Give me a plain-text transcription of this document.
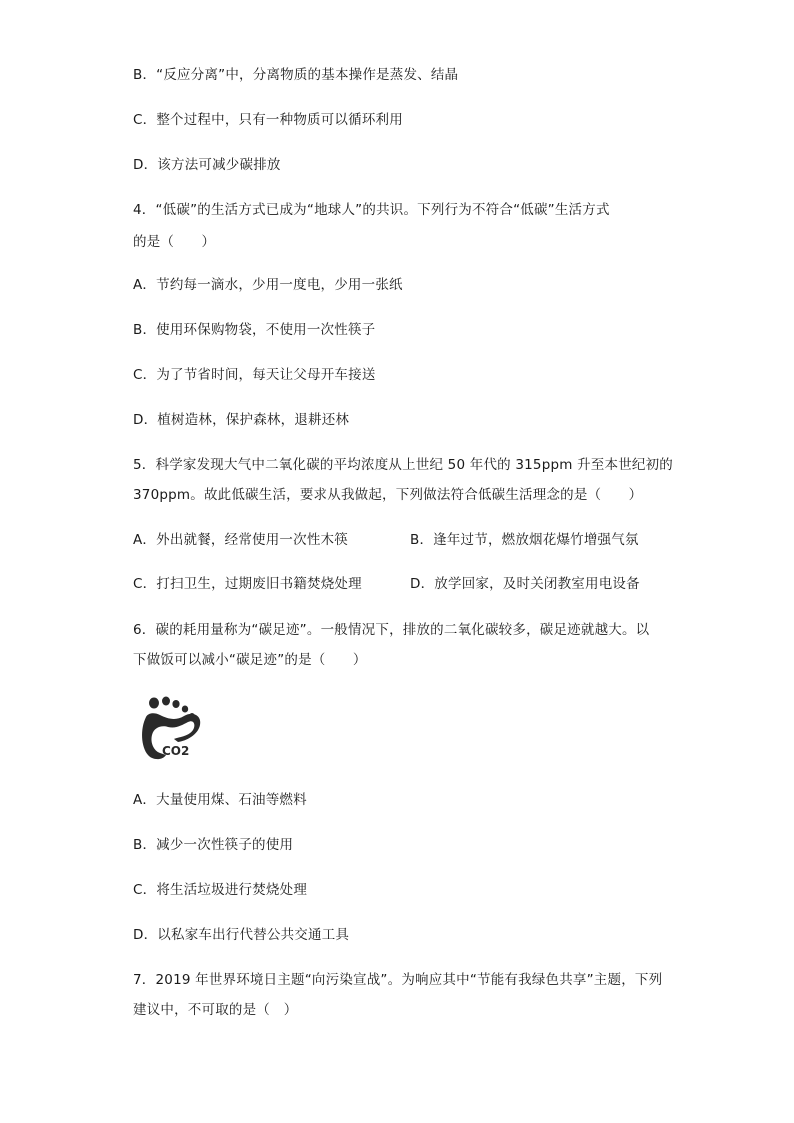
B．“反应分离”中，分离物质的基本操作是蒸发、结晶
C．整个过程中，只有一种物质可以循环利用
D．该方法可减少碳排放
4．“低碳”的生活方式已成为“地球人”的共识。下列行为不符合“低碳”生活方式
的是（　　）
A．节约每一滴水，少用一度电，少用一张纸
B．使用环保购物袋，不使用一次性筷子
C．为了节省时间，每天让父母开车接送
D．植树造林，保护森林，退耕还林
5．科学家发现大气中二氧化碳的平均浓度从上世纪 50 年代的 315ppm 升至本世纪初的
370ppm。故此低碳生活，要求从我做起，下列做法符合低碳生活理念的是（　　）
A．外出就餐，经常使用一次性木筷	B．逢年过节，燃放烟花爆竹增强气氛
C．打扫卫生，过期废旧书籍焚烧处理	D．放学回家，及时关闭教室用电设备
6．碳的耗用量称为“碳足迹”。一般情况下，排放的二氧化碳较多，碳足迹就越大。以
下做饭可以减小“碳足迹”的是（　　）
CO2
A．大量使用煤、石油等燃料
B．减少一次性筷子的使用
C．将生活垃圾进行焚烧处理
D．以私家车出行代替公共交通工具
7．2019 年世界环境日主题“向污染宣战”。为响应其中“节能有我绿色共享”主题，下列
建议中，不可取的是（　）
